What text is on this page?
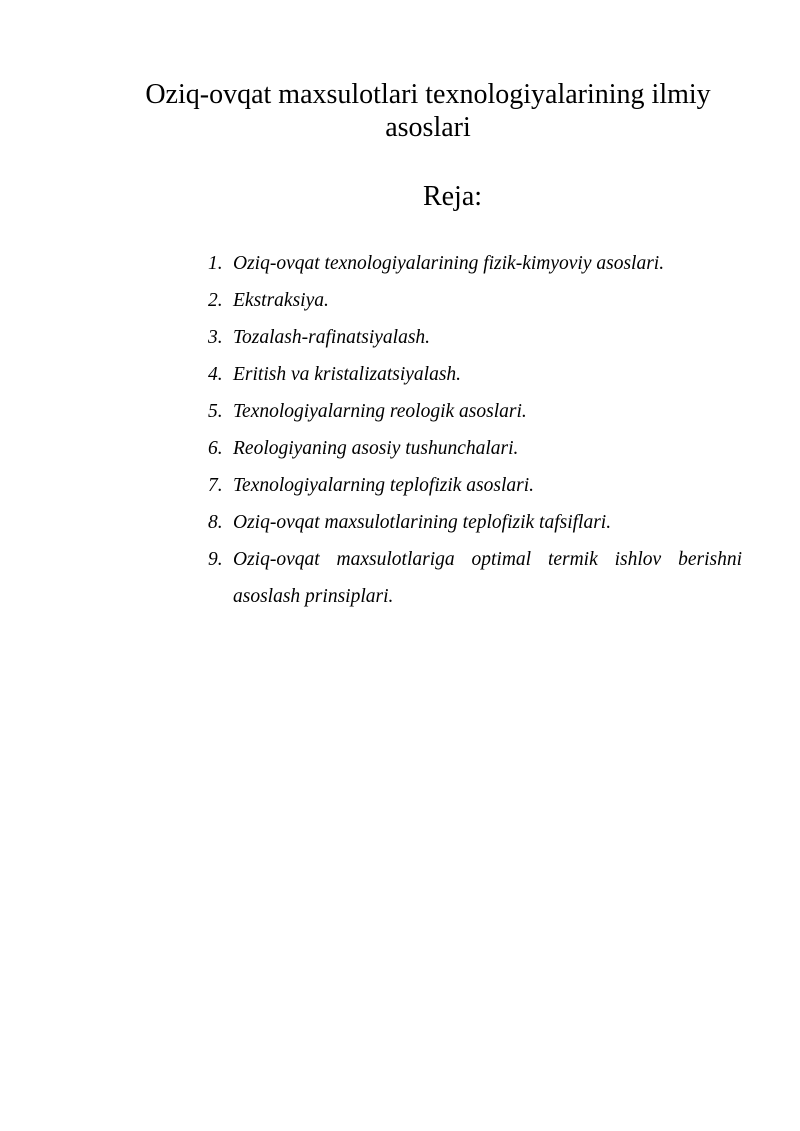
Oziq-ovqat maxsulotlari texnologiyalarining ilmiy asoslari
Reja:
1. Oziq-ovqat texnologiyalarining fizik-kimyoviy asoslari.
2. Ekstraksiya.
3. Tozalash-rafinatsiyalash.
4. Eritish va kristalizatsiyalash.
5. Texnologiyalarning reologik asoslari.
6. Reologiyaning asosiy tushunchalari.
7. Texnologiyalarning teplofizik asoslari.
8. Oziq-ovqat maxsulotlarining teplofizik tafsiflari.
9. Oziq-ovqat maxsulotlariga optimal termik ishlov berishni asoslash prinsiplari.
